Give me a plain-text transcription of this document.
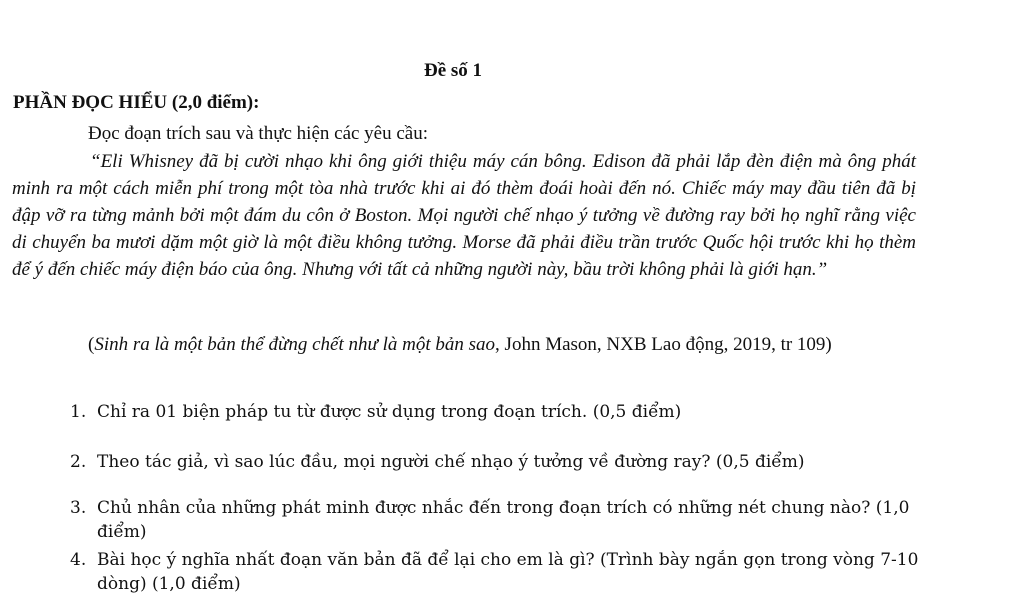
Đề số 1
PHẦN ĐỌC HIỂU (2,0 điểm):
Đọc đoạn trích sau và thực hiện các yêu cầu:
“Eli Whisney đã bị cười nhạo khi ông giới thiệu máy cán bông. Edison đã phải lắp đèn điện mà ông phát minh ra một cách miễn phí trong một tòa nhà trước khi ai đó thèm đoái hoài đến nó. Chiếc máy may đầu tiên đã bị đập vỡ ra từng mảnh bởi một đám du côn ở Boston. Mọi người chế nhạo ý tưởng về đường ray bởi họ nghĩ rằng việc di chuyển ba mươi dặm một giờ là một điều không tưởng. Morse đã phải điều trần trước Quốc hội trước khi họ thèm để ý đến chiếc máy điện báo của ông. Nhưng với tất cả những người này, bầu trời không phải là giới hạn.”
(Sinh ra là một bản thể đừng chết như là một bản sao, John Mason, NXB Lao động, 2019, tr 109)
1. Chỉ ra 01 biện pháp tu từ được sử dụng trong đoạn trích. (0,5 điểm)
2. Theo tác giả, vì sao lúc đầu, mọi người chế nhạo ý tưởng về đường ray? (0,5 điểm)
3. Chủ nhân của những phát minh được nhắc đến trong đoạn trích có những nét chung nào? (1,0 điểm)
4. Bài học ý nghĩa nhất đoạn văn bản đã để lại cho em là gì? (Trình bày ngắn gọn trong vòng 7-10 dòng) (1,0 điểm)
